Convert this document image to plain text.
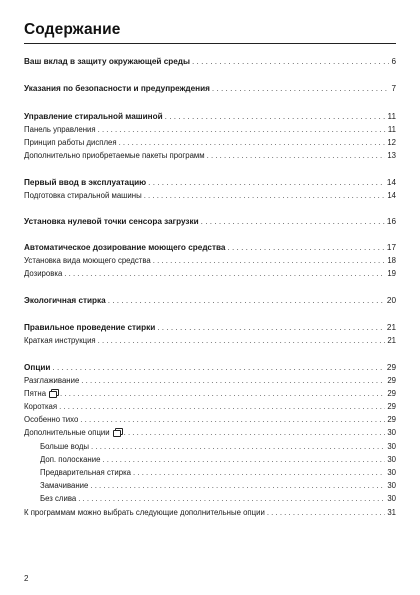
Содержание
Ваш вклад в защиту окружающей среды . . .	6
Указания по безопасности и предупреждения . . .	7
Управление стиральной машиной . . .	11
Панель управления . . .	11
Принцип работы дисплея . . .	12
Дополнительно приобретаемые пакеты программ . . .	13
Первый ввод в эксплуатацию . . .	14
Подготовка стиральной машины . . .	14
Установка нулевой точки сенсора загрузки . . .	16
Автоматическое дозирование моющего средства . . .	17
Установка вида моющего средства . . .	18
Дозировка . . .	19
Экологичная стирка . . .	20
Правильное проведение стирки . . .	21
Краткая инструкция . . .	21
Опции . . .	29
Разглаживание . . .	29
Пятна . . .	29
Короткая . . .	29
Особенно тихо . . .	29
Дополнительные опции . . .	30
Больше воды . . .	30
Доп. полоскание . . .	30
Предварительная стирка . . .	30
Замачивание . . .	30
Без слива . . .	30
К программам можно выбрать следующие дополнительные опции . . .	31
2
